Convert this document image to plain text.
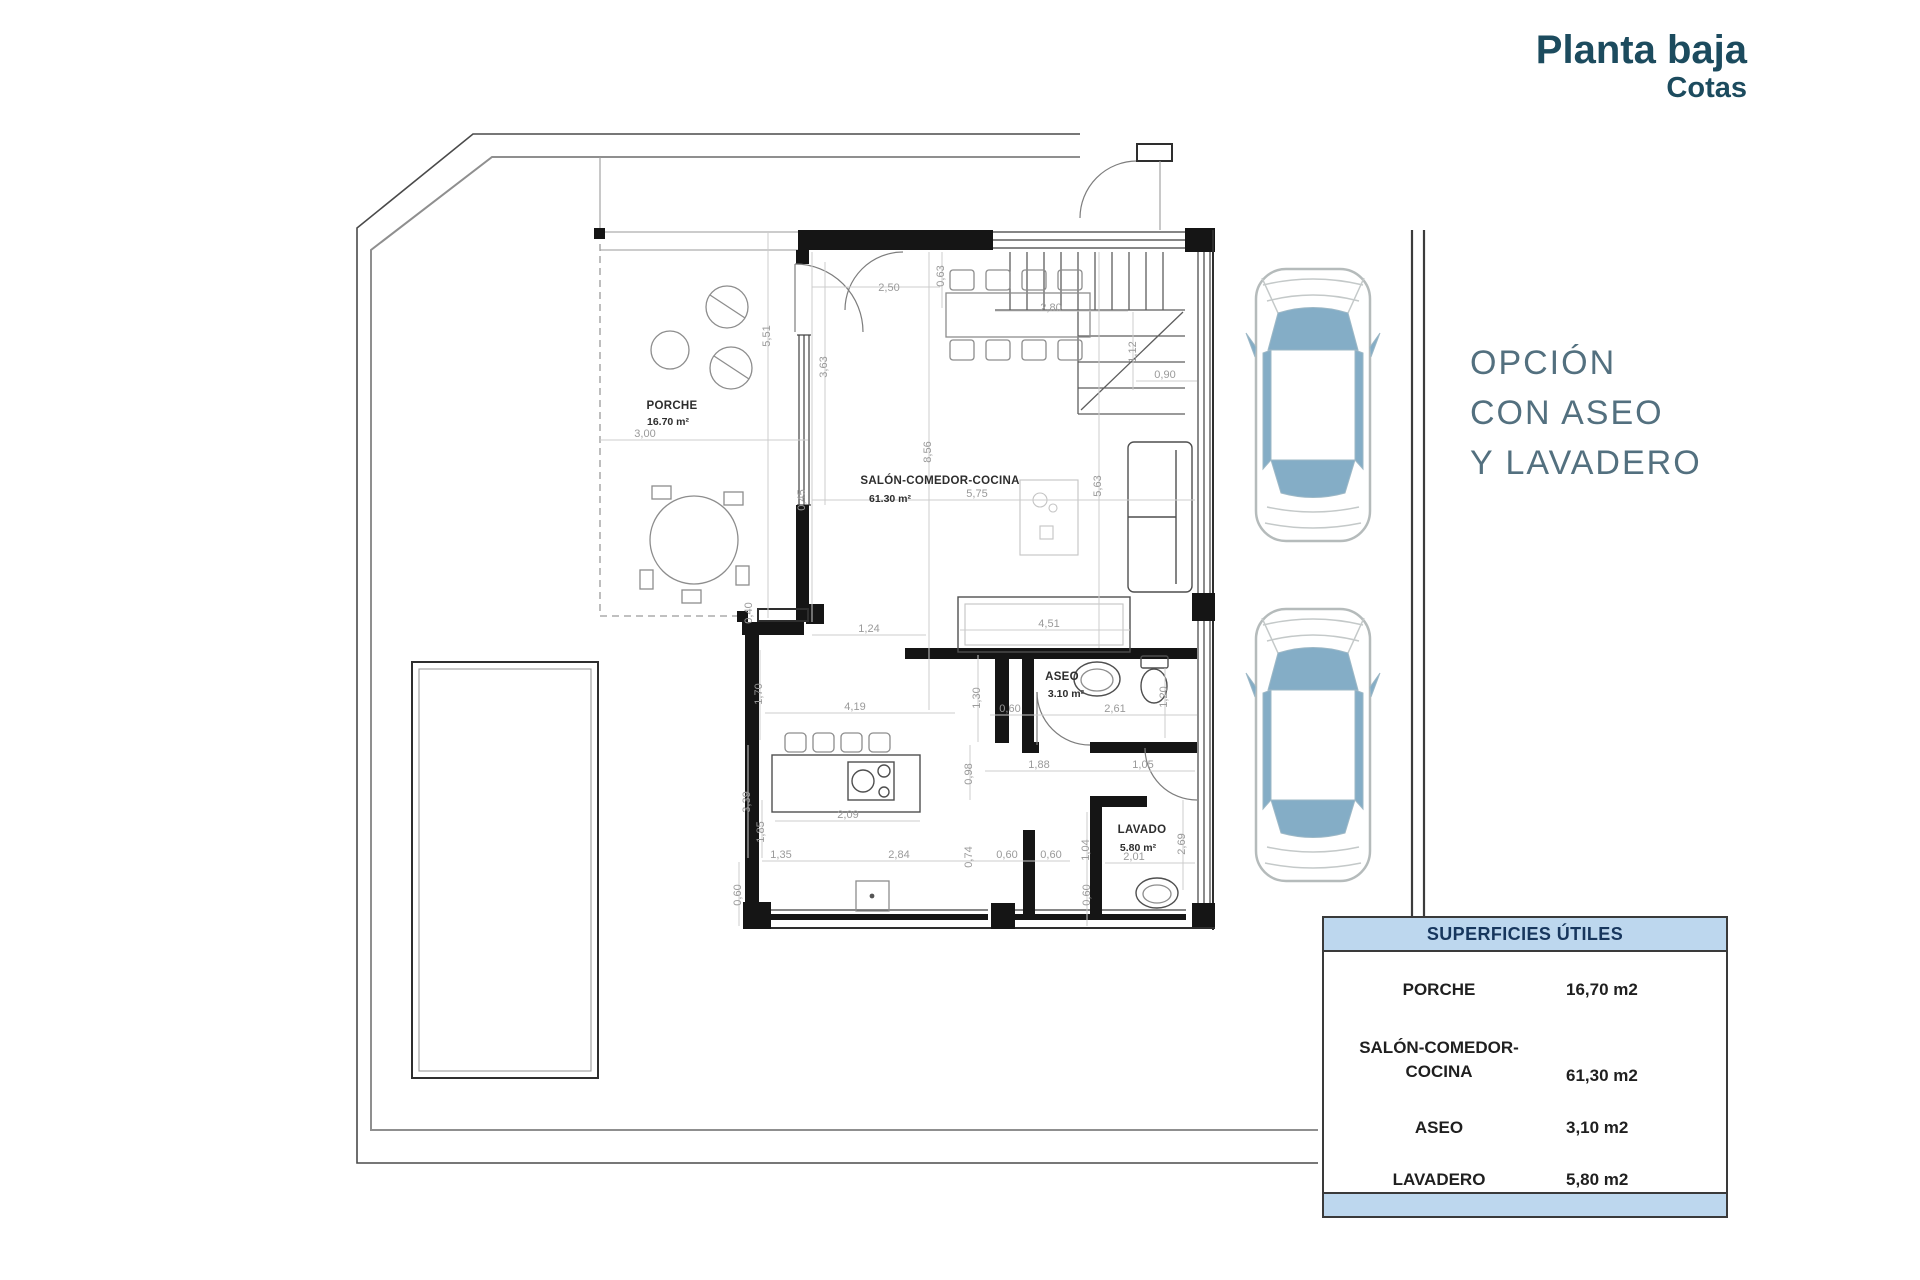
2,50
0,63
2,80
1,12
0,90
5,51
3,63
3,00
8,56
5,75	5,63
0,45
1,24	4,51
0,40
1,70
4,19	1,30
0,60	2,61
1,20
0,98	1,88	1,05
3,39
2,09
1,85
1,35	2,84	0,74
0,60
0,60 0,60 1,04	2,01
2,69
0,60
PORCHE
16.70 m²
SALÓN-COMEDOR-COCINA
61.30 m²
ASEO
3.10 m²
LAVADO
5.80 m²
Planta baja
Cotas
OPCIÓN
CON ASEO
Y LAVADERO
SUPERFICIES ÚTILES
PORCHE	16,70 m2
SALÓN-COMEDOR-
COCINA	61,30 m2
ASEO	3,10 m2
LAVADERO	5,80 m2
